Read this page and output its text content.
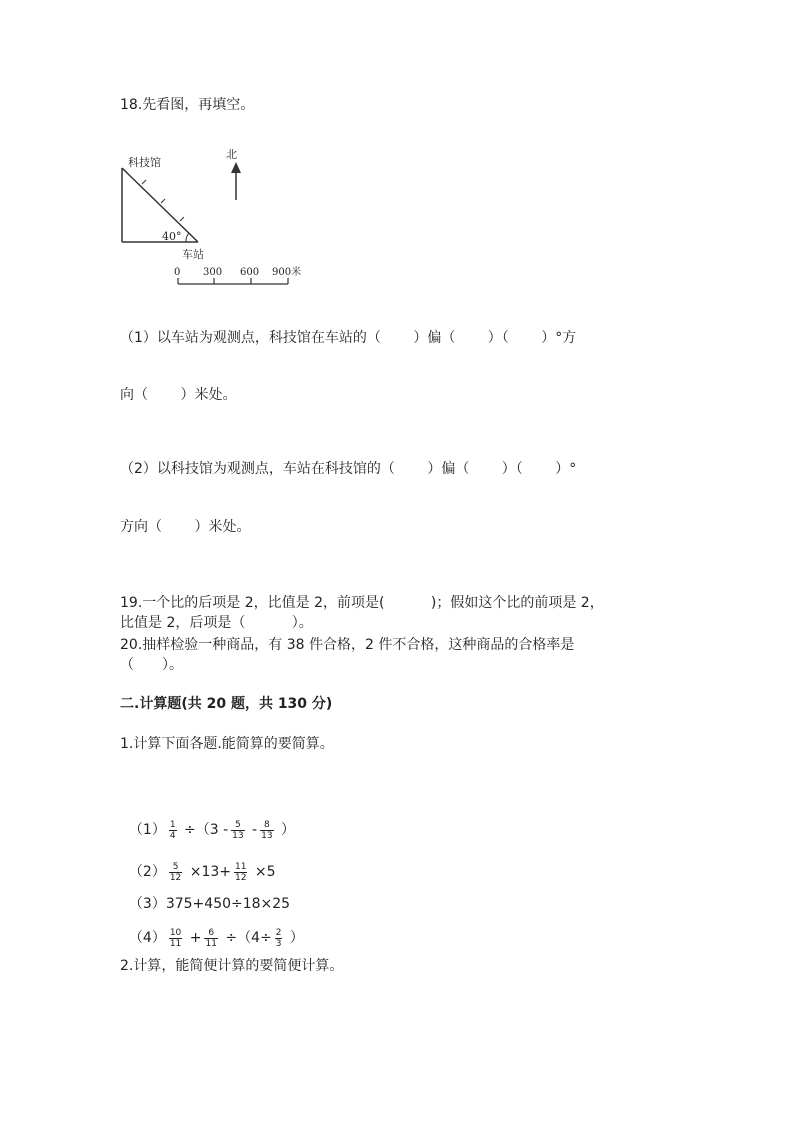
18.先看图，再填空。
40°
科技馆
车站
北
0 300 600 900米
（1）以车站为观测点，科技馆在车站的（　　 ）偏（　　 ）（　　 ）°方
向（　　 ）米处。
（2）以科技馆为观测点，车站在科技馆的（　　 ）偏（　　 ）（　　 ）°
方向（　　 ）米处。
19.一个比的后项是 2，比值是 2，前项是(　　　 )；假如这个比的前项是 2，
比值是 2，后项是（　　　 ）。
20.抽样检验一种商品，有 38 件合格，2 件不合格，这种商品的合格率是
（　　）。
二.计算题(共 20 题，共 130 分)
1.计算下面各题.能简算的要简算。

$(1) \frac{1}{4} \div(3 - \frac{5}{13} - \frac{8}{13}$ ）

$(2) \frac{5}{12} \times 13+ \frac{11}{12} \times 5$

（3）375+450÷18×25

$(4) \frac{10}{11} + \frac{6}{11} \div(4\div \frac{2}{3}$ ）

2.计算，能简便计算的要简便计算。
